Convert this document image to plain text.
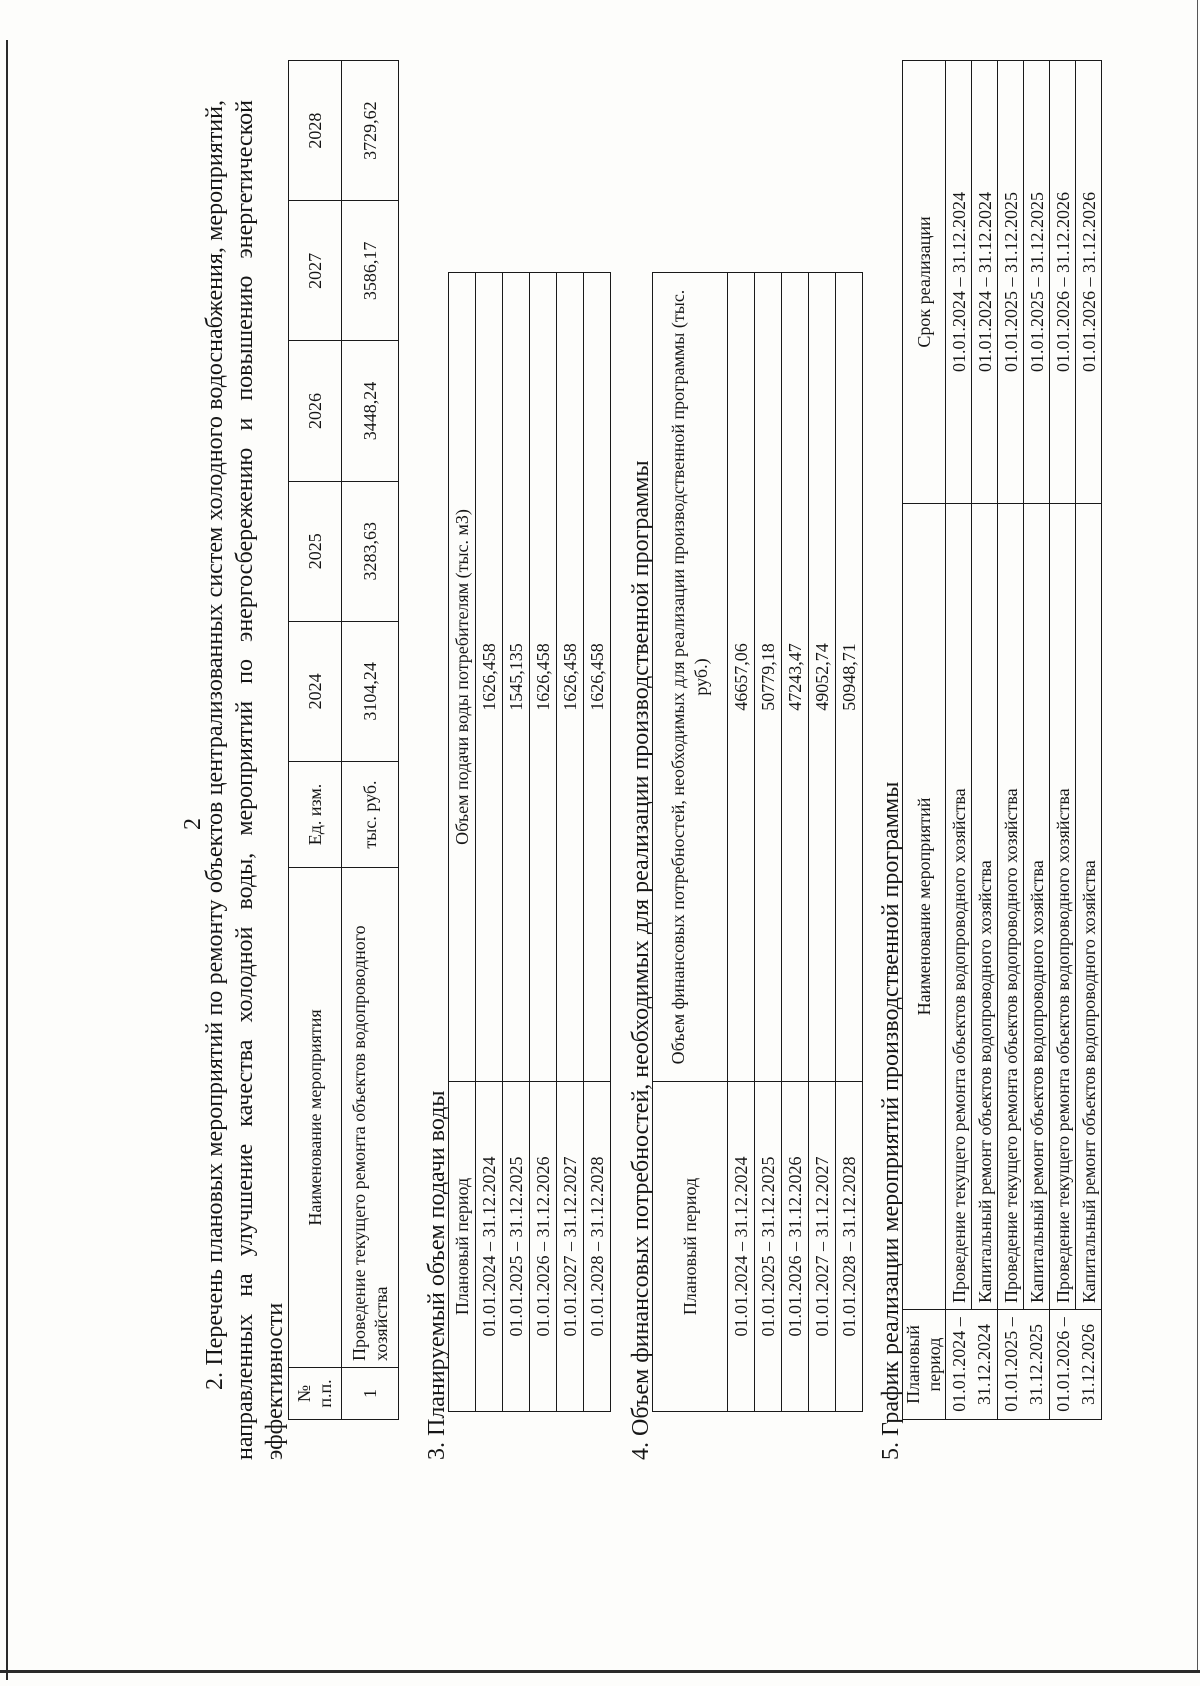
2

2. Перечень плановых мероприятий по ремонту объектов централизованных систем холодного водоснабжения, мероприятий, направленных на улучшение качества холодной воды, мероприятий по энергосбережению и повышению энергетической эффективности № п.п.	Наименование мероприятия	Ед. изм.	2024	2025	2026	2027	2028
1	Проведение текущего ремонта объектов водопроводного хозяйства	тыс. руб.	3104,24	3283,63	3448,24	3586,17	3729,62

3. Планируемый объем подачи воды Плановый период	Объем подачи воды потребителям (тыс. м3)
01.01.2024 – 31.12.2024	1626,458
01.01.2025 – 31.12.2025	1545,135
01.01.2026 – 31.12.2026	1626,458
01.01.2027 – 31.12.2027	1626,458
01.01.2028 – 31.12.2028	1626,458 4. Объем финансовых потребностей, необходимых для реализации производственной программы Плановый период	Объем финансовых потребностей, необходимых для реализации производственной программы (тыс. руб.)
01.01.2024 – 31.12.2024	46657,06
01.01.2025 – 31.12.2025	50779,18
01.01.2026 – 31.12.2026	47243,47
01.01.2027 – 31.12.2027	49052,74
01.01.2028 – 31.12.2028	50948,71

5. График реализации мероприятий производственной программы Плановый период	Наименование мероприятий	Срок реализации
01.01.2024 – 31.12.2024	Проведение текущего ремонта объектов водопроводного хозяйства	01.01.2024 – 31.12.2024
	Капитальный ремонт объектов водопроводного хозяйства	01.01.2024 – 31.12.2024
01.01.2025 – 31.12.2025	Проведение текущего ремонта объектов водопроводного хозяйства	01.01.2025 – 31.12.2025
	Капитальный ремонт объектов водопроводного хозяйства	01.01.2025 – 31.12.2025
01.01.2026 – 31.12.2026	Проведение текущего ремонта объектов водопроводного хозяйства	01.01.2026 – 31.12.2026
	Капитальный ремонт объектов водопроводного хозяйства	01.01.2026 – 31.12.2026
